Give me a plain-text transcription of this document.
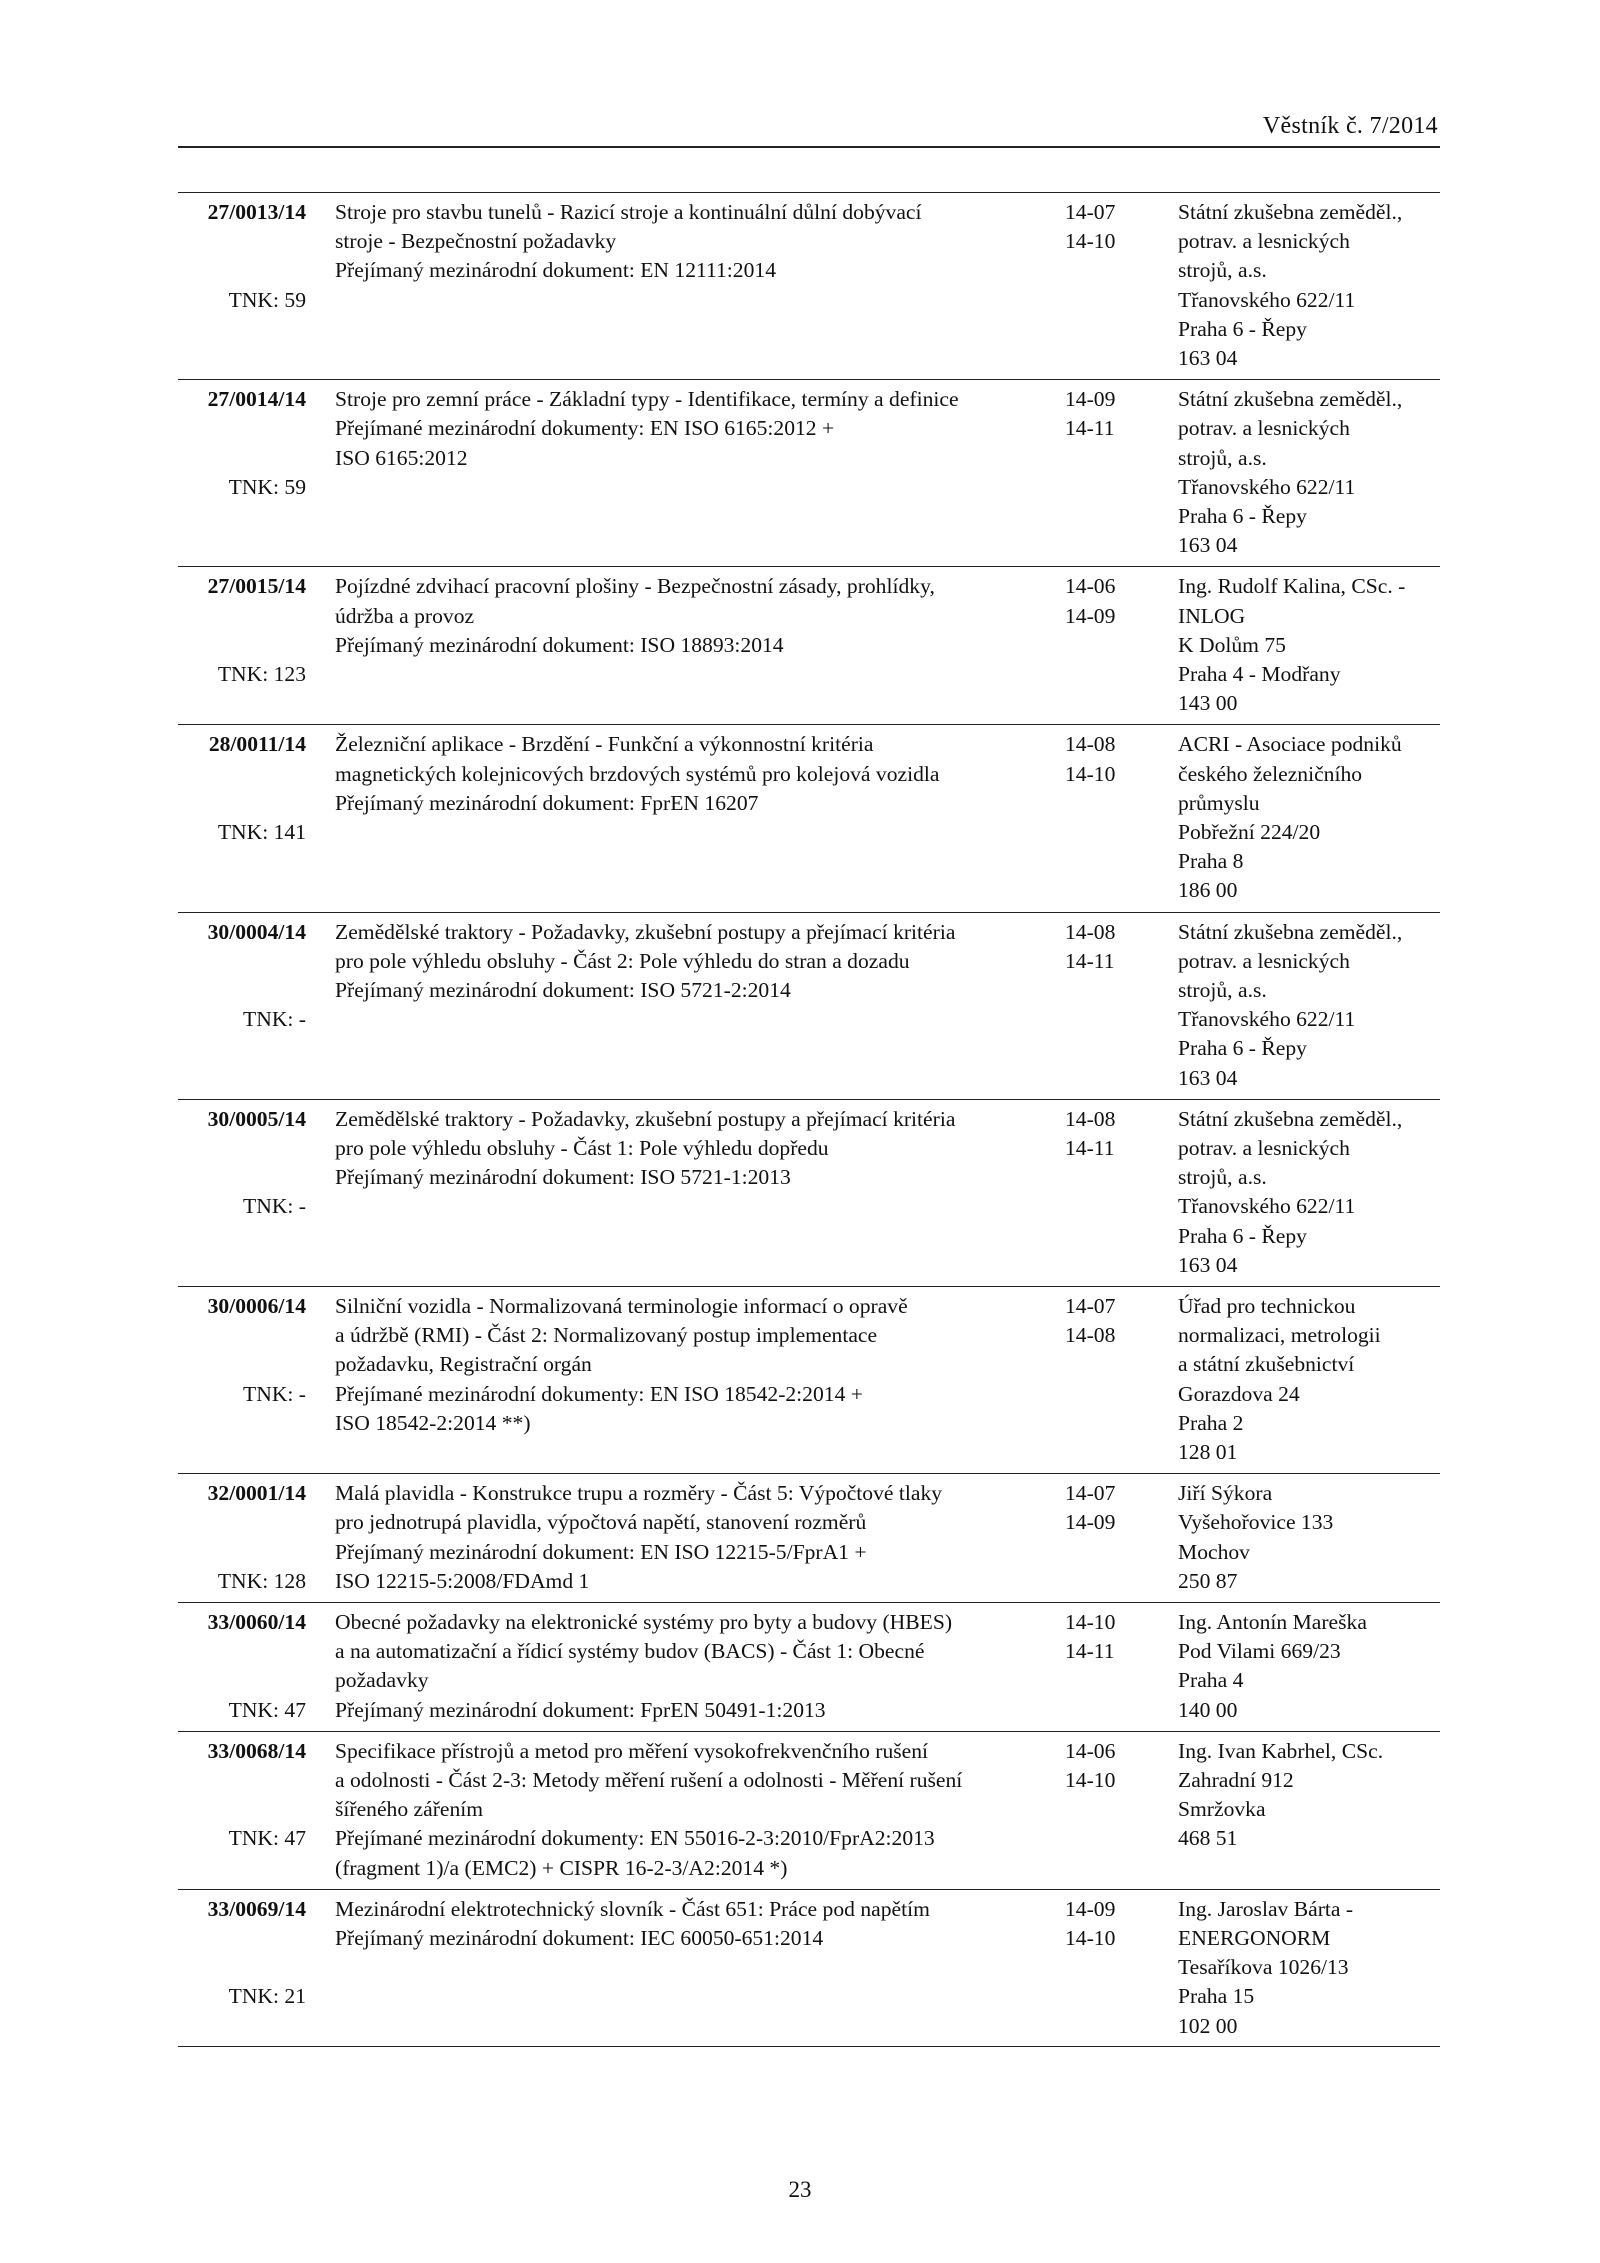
Věstník č. 7/2014
27/0013/14
TNK: 59
Stroje pro stavbu tunelů - Razicí stroje a kontinuální důlní dobývací
stroje - Bezpečnostní požadavky
Přejímaný mezinárodní dokument: EN 12111:2014
14-07
14-10
Státní zkušebna zeměděl.,
potrav. a lesnických
strojů, a.s.
Třanovského 622/11
Praha 6 - Řepy
163 04
27/0014/14
TNK: 59
Stroje pro zemní práce - Základní typy - Identifikace, termíny a definice
Přejímané mezinárodní dokumenty: EN ISO 6165:2012 +
ISO 6165:2012
14-09
14-11
Státní zkušebna zeměděl.,
potrav. a lesnických
strojů, a.s.
Třanovského 622/11
Praha 6 - Řepy
163 04
27/0015/14
TNK: 123
Pojízdné zdvihací pracovní plošiny - Bezpečnostní zásady, prohlídky,
údržba a provoz
Přejímaný mezinárodní dokument: ISO 18893:2014
14-06
14-09
Ing. Rudolf Kalina, CSc. -
INLOG
K Dolům 75
Praha 4 - Modřany
143 00
28/0011/14
TNK: 141
Železniční aplikace - Brzdění - Funkční a výkonnostní kritéria
magnetických kolejnicových brzdových systémů pro kolejová vozidla
Přejímaný mezinárodní dokument: FprEN 16207
14-08
14-10
ACRI - Asociace podniků
českého železničního
průmyslu
Pobřežní 224/20
Praha 8
186 00
30/0004/14
TNK: -
Zemědělské traktory - Požadavky, zkušební postupy a přejímací kritéria
pro pole výhledu obsluhy - Část 2: Pole výhledu do stran a dozadu
Přejímaný mezinárodní dokument: ISO 5721-2:2014
14-08
14-11
Státní zkušebna zeměděl.,
potrav. a lesnických
strojů, a.s.
Třanovského 622/11
Praha 6 - Řepy
163 04
30/0005/14
TNK: -
Zemědělské traktory - Požadavky, zkušební postupy a přejímací kritéria
pro pole výhledu obsluhy - Část 1: Pole výhledu dopředu
Přejímaný mezinárodní dokument: ISO 5721-1:2013
14-08
14-11
Státní zkušebna zeměděl.,
potrav. a lesnických
strojů, a.s.
Třanovského 622/11
Praha 6 - Řepy
163 04
30/0006/14
TNK: -
Silniční vozidla - Normalizovaná terminologie informací o opravě
a údržbě (RMI) - Část 2: Normalizovaný postup implementace
požadavku, Registrační orgán
Přejímané mezinárodní dokumenty: EN ISO 18542-2:2014 +
ISO 18542-2:2014 **)
14-07
14-08
Úřad pro technickou
normalizaci, metrologii
a státní zkušebnictví
Gorazdova 24
Praha 2
128 01
32/0001/14
TNK: 128
Malá plavidla - Konstrukce trupu a rozměry - Část 5: Výpočtové tlaky
pro jednotrupá plavidla, výpočtová napětí, stanovení rozměrů
Přejímaný mezinárodní dokument: EN ISO 12215-5/FprA1 +
ISO 12215-5:2008/FDAmd 1
14-07
14-09
Jiří Sýkora
Vyšehořovice 133
Mochov
250 87
33/0060/14
TNK: 47
Obecné požadavky na elektronické systémy pro byty a budovy (HBES)
a na automatizační a řídicí systémy budov (BACS) - Část 1: Obecné
požadavky
Přejímaný mezinárodní dokument: FprEN 50491-1:2013
14-10
14-11
Ing. Antonín Mareška
Pod Vilami 669/23
Praha 4
140 00
33/0068/14
TNK: 47
Specifikace přístrojů a metod pro měření vysokofrekvenčního rušení
a odolnosti - Část 2-3: Metody měření rušení a odolnosti - Měření rušení
šířeného zářením
Přejímané mezinárodní dokumenty: EN 55016-2-3:2010/FprA2:2013
(fragment 1)/a (EMC2) + CISPR 16-2-3/A2:2014 *)
14-06
14-10
Ing. Ivan Kabrhel, CSc.
Zahradní 912
Smržovka
468 51
33/0069/14
TNK: 21
Mezinárodní elektrotechnický slovník - Část 651: Práce pod napětím
Přejímaný mezinárodní dokument: IEC 60050-651:2014
14-09
14-10
Ing. Jaroslav Bárta -
ENERGONORM
Tesaříkova 1026/13
Praha 15
102 00
23
